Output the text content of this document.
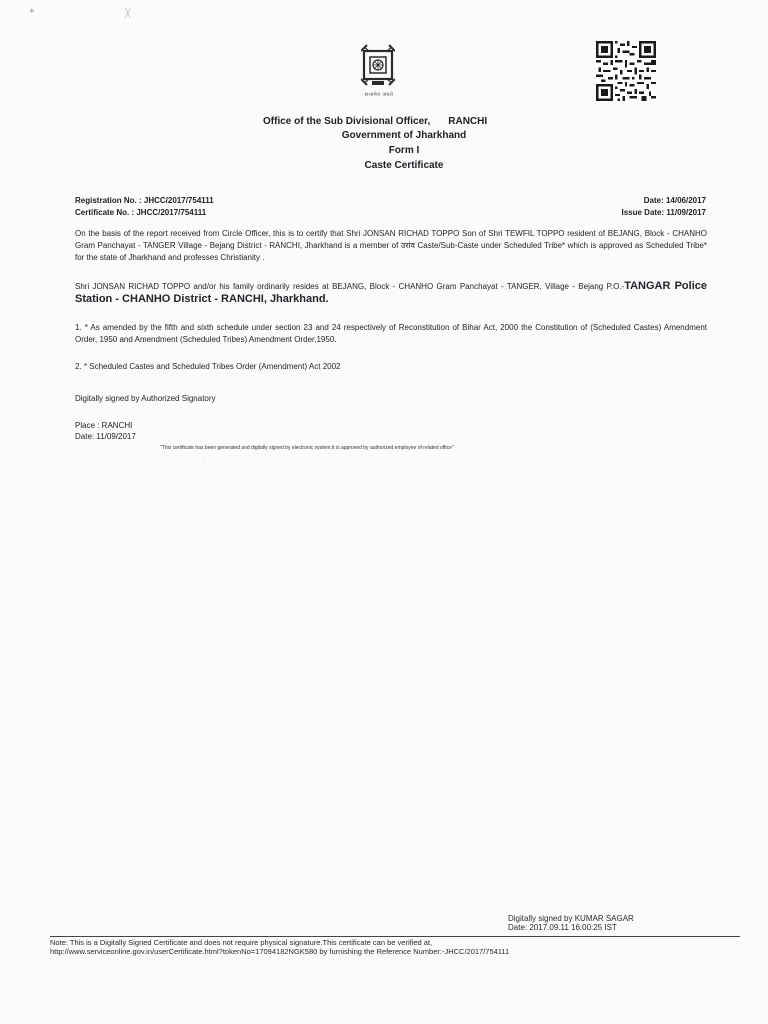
✦	╳
सत्यमेव जयते
Office of the Sub Divisional Officer, RANCHI
Government of Jharkhand
Form I
Caste Certificate
Registration No. : JHCC/2017/754111
Certificate No. : JHCC/2017/754111
Date: 14/06/2017
Issue Date: 11/09/2017
On the basis of the report received from Circle Officer, this is to certify that Shri JONSAN RICHAD TOPPO Son of Shri TEWFIL TOPPO resident of BEJANG, Block - CHANHO Gram Panchayat - TANGER Village - Bejang District - RANCHI, Jharkhand is a member of उरांव Caste/Sub-Caste under Scheduled Tribe* which is approved as Scheduled Tribe* for the state of Jharkhand and professes Christianity .
Shri JONSAN RICHAD TOPPO and/or his family ordinarily resides at BEJANG, Block - CHANHO Gram Panchayat - TANGER, Village - Bejang P.O.-TANGAR Police Station - CHANHO District - RANCHI, Jharkhand.
1. * As amended by the fifth and sixth schedule under section 23 and 24 respectively of Reconstitution of Bihar Act, 2000 the Constitution of (Scheduled Castes) Amendment Order, 1950 and Amendment (Scheduled Tribes) Amendment Order,1950.
2. * Scheduled Castes and Scheduled Tribes Order (Amendment) Act 2002
Digitally signed by Authorized Signatory
Place : RANCHI
Date: 11/09/2017
"This certificate has been generated and digitally signed by electronic system.It is approved by authorized employee of related office"
·
Digitally signed by KUMAR SAGAR
Date: 2017.09.11 16:00:25 IST
Note: This is a Digitally Signed Certificate and does not require physical signature.This certificate can be verified at,
http://www.serviceonline.gov.in/userCertificate.html?tokenNo=17094182NGK580 by furnishing the Reference Number:-JHCC/2017/754111
